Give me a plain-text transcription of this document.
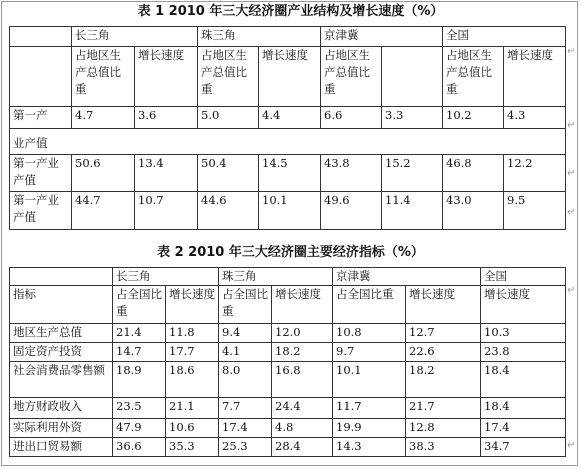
表 1 2010 年三大经济圈产业结构及增长速度（%）
	长三角		珠三角		京津冀		全国	
	占地区生产总值比重	增长速度	占地区生产总值比重	增长速度	占地区生产总值比重		占地区生产总值比重	增长速度
第一产	4.7	3.6	5.0	4.4	6.6	3.3	10.2	4.3
业产值								
第一产业产值	50.6	13.4	50.4	14.5	43.8	15.2	46.8	12.2
第一产业产值	44.7	10.7	44.6	10.1	49.6	11.4	43.0	9.5
表 2 2010 年三大经济圈主要经济指标（%）
	长三角		珠三角		京津冀		全国
指标	占全国比重	增长速度	占全国比重	增长速度	占全国比重	增长速度	增长速度
地区生产总值	21.4	11.8	9.4	12.0	10.8	12.7	10.3
固定资产投资	14.7	17.7	4.1	18.2	9.7	22.6	23.8
社会消费品零售额	18.9	18.6	8.0	16.8	10.1	18.2	18.4
地方财政收入	23.5	21.1	7.7	24.4	11.7	21.7	18.4
实际利用外资	47.9	10.6	17.4	4.8	19.9	12.8	17.4
进出口贸易额	36.6	35.3	25.3	28.4	14.3	38.3	34.7
↵
↵
↵
↵
↵
↵
